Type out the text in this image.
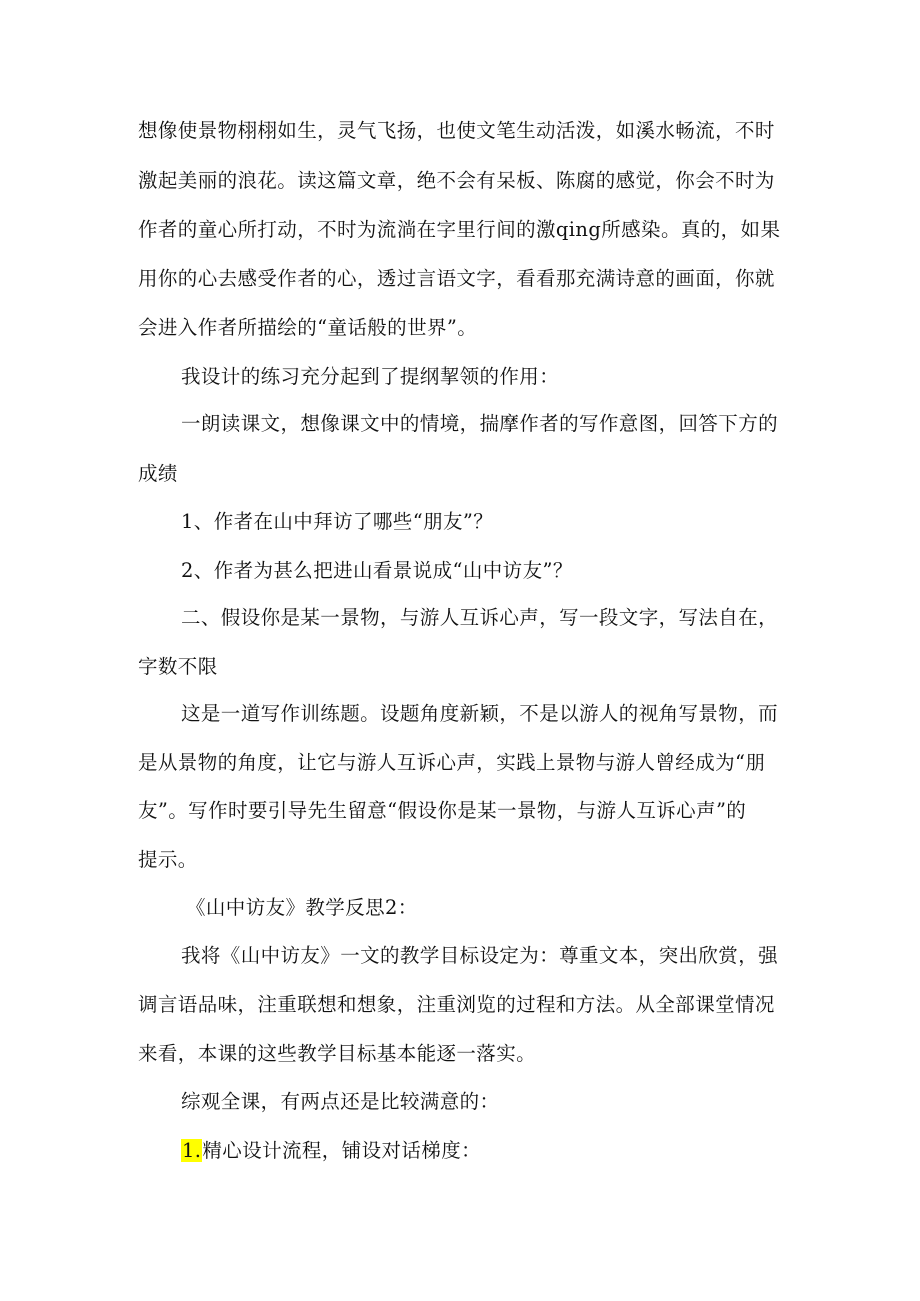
想像使景物栩栩如生，灵气飞扬，也使文笔生动活泼，如溪水畅流，不时
激起美丽的浪花。读这篇文章，绝不会有呆板、陈腐的感觉，你会不时为
作者的童心所打动，不时为流淌在字里行间的激qing所感染。真的，如果
用你的心去感受作者的心，透过言语文字，看看那充满诗意的画面，你就
会进入作者所描绘的“童话般的世界”。
我设计的练习充分起到了提纲挈领的作用：
一朗读课文，想像课文中的情境，揣摩作者的写作意图，回答下方的
成绩
1、作者在山中拜访了哪些“朋友”？
2、作者为甚么把进山看景说成“山中访友”？
二、假设你是某一景物，与游人互诉心声，写一段文字，写法自在，
字数不限
这是一道写作训练题。设题角度新颖，不是以游人的视角写景物，而
是从景物的角度，让它与游人互诉心声，实践上景物与游人曾经成为“朋
友”。写作时要引导先生留意“假设你是某一景物，与游人互诉心声”的
提示。
《山中访友》教学反思2：
我将《山中访友》一文的教学目标设定为：尊重文本，突出欣赏，强
调言语品味，注重联想和想象，注重浏览的过程和方法。从全部课堂情况
来看，本课的这些教学目标基本能逐一落实。
综观全课，有两点还是比较满意的：
1.精心设计流程，铺设对话梯度：
